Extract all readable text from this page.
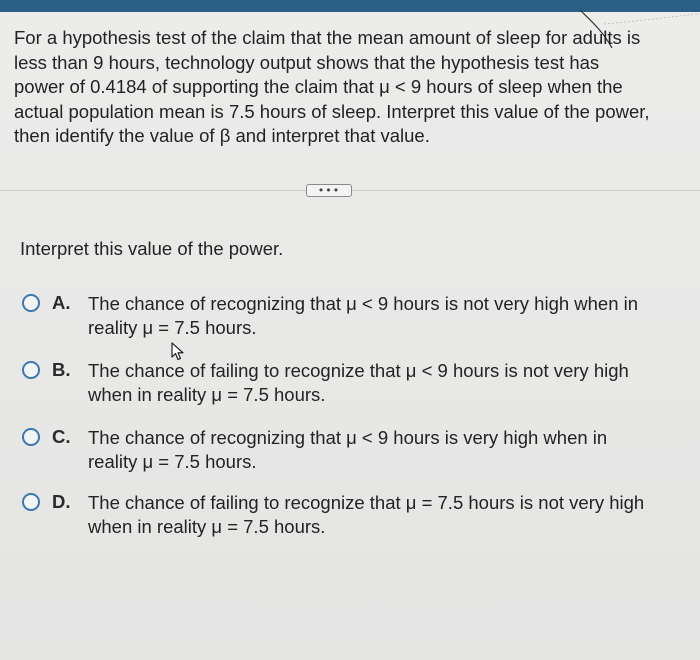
For a hypothesis test of the claim that the mean amount of sleep for adults is
less than 9 hours, technology output shows that the hypothesis test has
power of 0.4184 of supporting the claim that μ < 9 hours of sleep when the
actual population mean is 7.5 hours of sleep. Interpret this value of the power,
then identify the value of β and interpret that value.
•••
Interpret this value of the power.
A. The chance of recognizing that μ < 9 hours is not very high when in
reality μ = 7.5 hours.
B. The chance of failing to recognize that μ < 9 hours is not very high
when in reality μ = 7.5 hours.
C. The chance of recognizing that μ < 9 hours is very high when in
reality μ = 7.5 hours.
D. The chance of failing to recognize that μ = 7.5 hours is not very high
when in reality μ = 7.5 hours.
